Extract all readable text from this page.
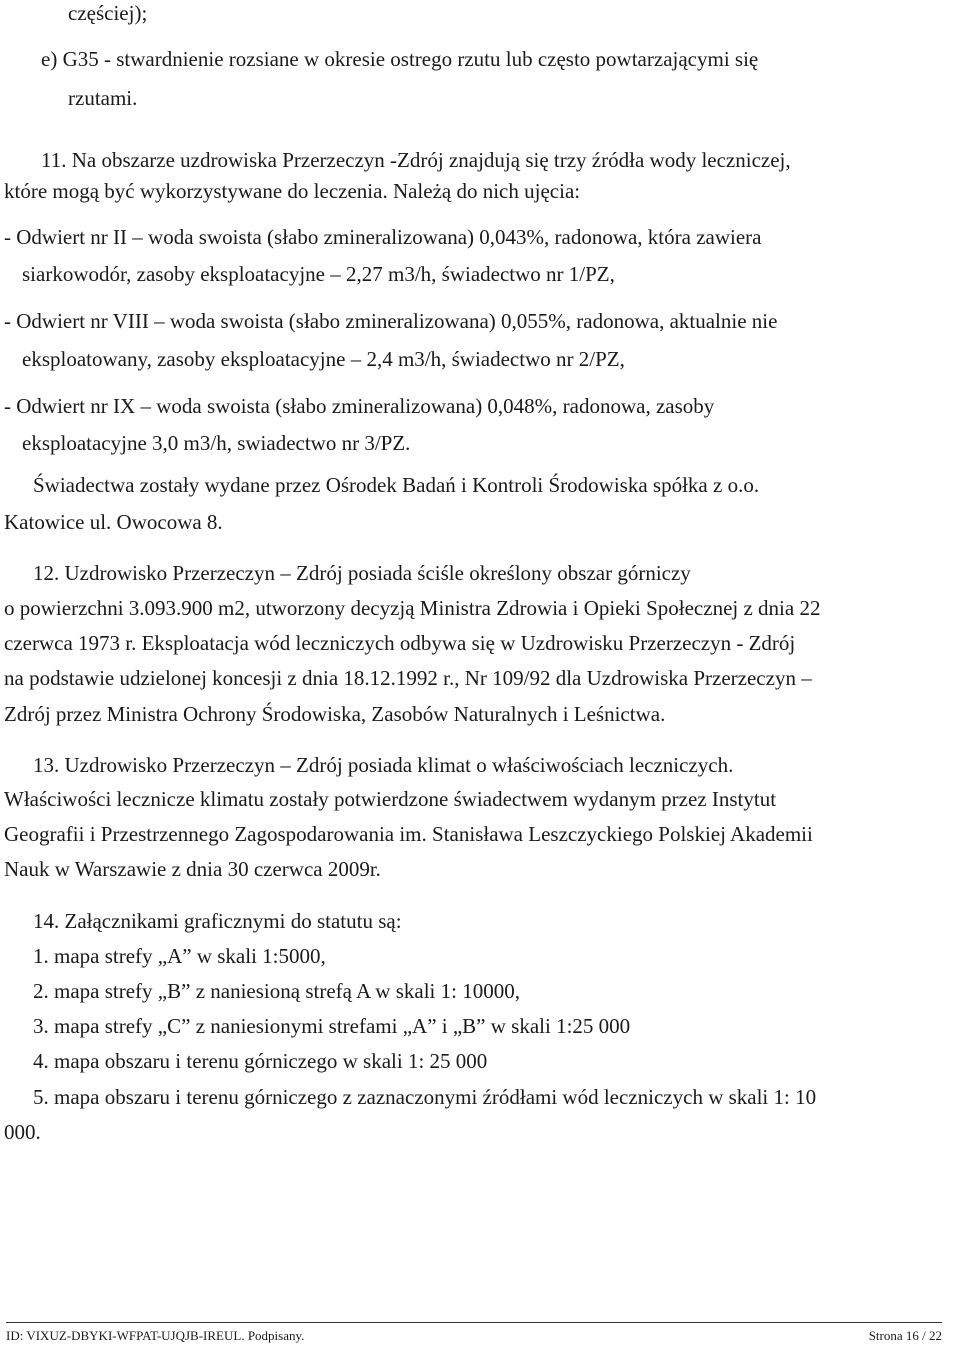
częściej);

e) G35 - stwardnienie rozsiane w okresie ostrego rzutu lub często powtarzającymi się

rzutami.

11. Na obszarze uzdrowiska Przerzeczyn -Zdrój znajdują się trzy źródła wody leczniczej,

które mogą być wykorzystywane do leczenia. Należą do nich ujęcia:

- Odwiert nr II – woda swoista (słabo zmineralizowana) 0,043%, radonowa, która zawiera

siarkowodór, zasoby eksploatacyjne – 2,27 m3/h, świadectwo nr 1/PZ,

- Odwiert nr VIII – woda swoista (słabo zmineralizowana) 0,055%, radonowa, aktualnie nie

eksploatowany, zasoby eksploatacyjne – 2,4 m3/h, świadectwo nr 2/PZ,

- Odwiert nr IX – woda swoista (słabo zmineralizowana) 0,048%, radonowa, zasoby

eksploatacyjne 3,0 m3/h, swiadectwo nr 3/PZ.

Świadectwa zostały wydane przez Ośrodek Badań i Kontroli Środowiska spółka z o.o.

Katowice ul. Owocowa 8.

12. Uzdrowisko Przerzeczyn – Zdrój posiada ściśle określony obszar górniczy

o powierzchni 3.093.900 m2, utworzony decyzją Ministra Zdrowia i Opieki Społecznej z dnia 22

czerwca 1973 r. Eksploatacja wód leczniczych odbywa się w Uzdrowisku Przerzeczyn - Zdrój

na podstawie udzielonej koncesji z dnia 18.12.1992 r., Nr 109/92 dla Uzdrowiska Przerzeczyn –

Zdrój przez Ministra Ochrony Środowiska, Zasobów Naturalnych i Leśnictwa.

13. Uzdrowisko Przerzeczyn – Zdrój posiada klimat o właściwościach leczniczych.

Właściwości lecznicze klimatu zostały potwierdzone świadectwem wydanym przez Instytut

Geografii i Przestrzennego Zagospodarowania im. Stanisława Leszczyckiego Polskiej Akademii

Nauk w Warszawie z dnia 30 czerwca 2009r.

14. Załącznikami graficznymi do statutu są:

1. mapa strefy „A” w skali 1:5000,

2. mapa strefy „B” z naniesioną strefą A w skali 1: 10000,

3. mapa strefy „C” z naniesionymi strefami „A” i „B” w skali 1:25 000

4. mapa obszaru i terenu górniczego w skali 1: 25 000

5. mapa obszaru i terenu górniczego z zaznaczonymi źródłami wód leczniczych w skali 1: 10

000.

ID: VIXUZ-DBYKI-WFPAT-UJQJB-IREUL. Podpisany.	Strona 16 / 22
